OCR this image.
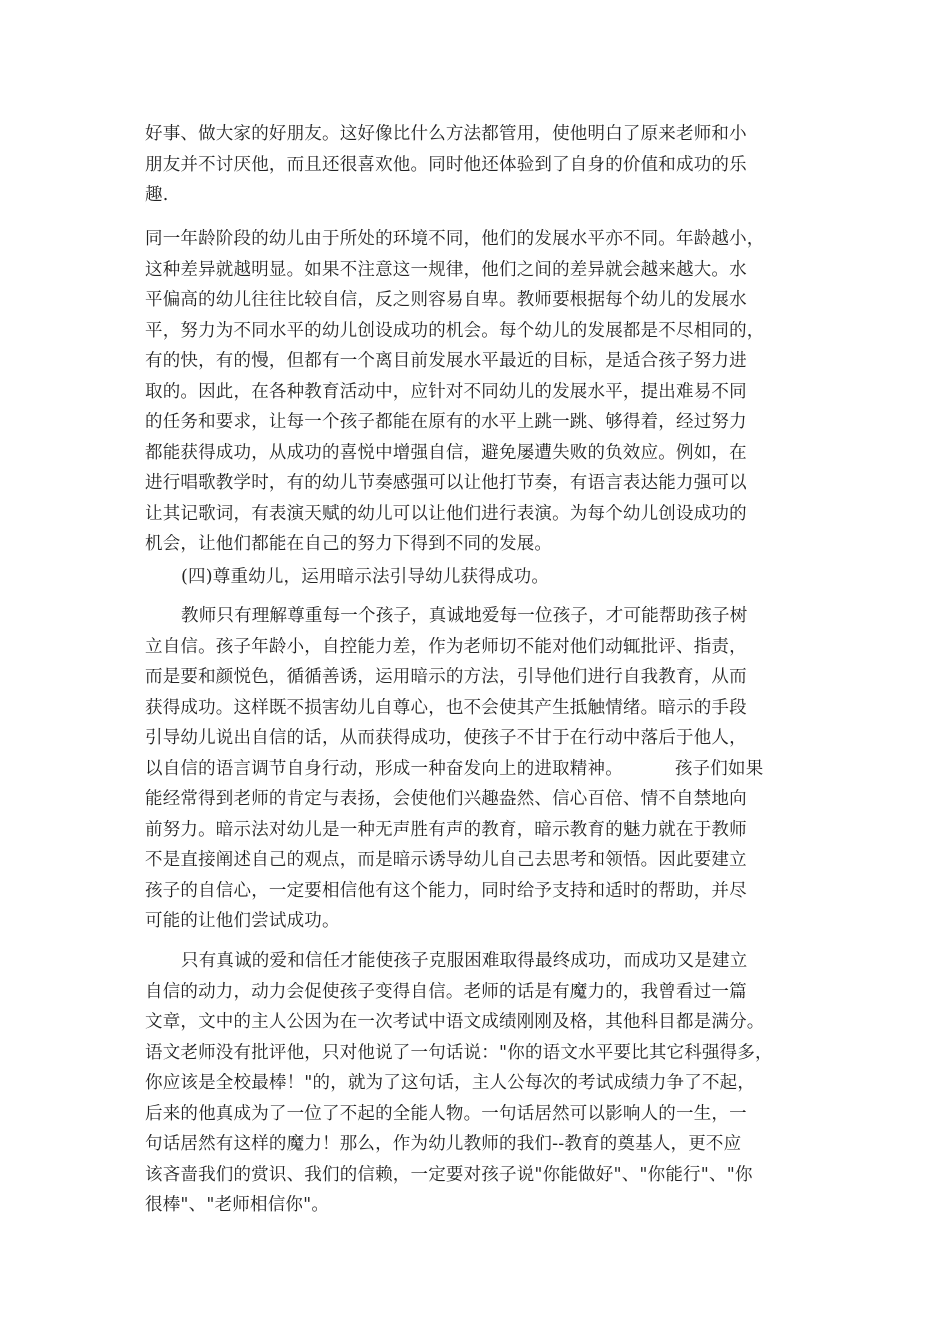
好事、做大家的好朋友。这好像比什么方法都管用，使他明白了原来老师和小
朋友并不讨厌他，而且还很喜欢他。同时他还体验到了自身的价值和成功的乐
趣.
同一年龄阶段的幼儿由于所处的环境不同，他们的发展水平亦不同。年龄越小，
这种差异就越明显。如果不注意这一规律，他们之间的差异就会越来越大。水
平偏高的幼儿往往比较自信，反之则容易自卑。教师要根据每个幼儿的发展水
平，努力为不同水平的幼儿创设成功的机会。每个幼儿的发展都是不尽相同的，
有的快，有的慢，但都有一个离目前发展水平最近的目标，是适合孩子努力进
取的。因此，在各种教育活动中，应针对不同幼儿的发展水平，提出难易不同
的任务和要求，让每一个孩子都能在原有的水平上跳一跳、够得着，经过努力
都能获得成功，从成功的喜悦中增强自信，避免屡遭失败的负效应。例如，在
进行唱歌教学时，有的幼儿节奏感强可以让他打节奏，有语言表达能力强可以
让其记歌词，有表演天赋的幼儿可以让他们进行表演。为每个幼儿创设成功的
机会，让他们都能在自己的努力下得到不同的发展。
(四)尊重幼儿，运用暗示法引导幼儿获得成功。
教师只有理解尊重每一个孩子，真诚地爱每一位孩子，才可能帮助孩子树
立自信。孩子年龄小，自控能力差，作为老师切不能对他们动辄批评、指责，
而是要和颜悦色，循循善诱，运用暗示的方法，引导他们进行自我教育，从而
获得成功。这样既不损害幼儿自尊心，也不会使其产生抵触情绪。暗示的手段
引导幼儿说出自信的话，从而获得成功，使孩子不甘于在行动中落后于他人，
以自信的语言调节自身行动，形成一种奋发向上的进取精神。	孩子们如果
能经常得到老师的肯定与表扬，会使他们兴趣盎然、信心百倍、情不自禁地向
前努力。暗示法对幼儿是一种无声胜有声的教育，暗示教育的魅力就在于教师
不是直接阐述自己的观点，而是暗示诱导幼儿自己去思考和领悟。因此要建立
孩子的自信心，一定要相信他有这个能力，同时给予支持和适时的帮助，并尽
可能的让他们尝试成功。
只有真诚的爱和信任才能使孩子克服困难取得最终成功，而成功又是建立
自信的动力，动力会促使孩子变得自信。老师的话是有魔力的，我曾看过一篇
文章，文中的主人公因为在一次考试中语文成绩刚刚及格，其他科目都是满分。
语文老师没有批评他，只对他说了一句话说："你的语文水平要比其它科强得多，
你应该是全校最棒！"的，就为了这句话，主人公每次的考试成绩力争了不起，
后来的他真成为了一位了不起的全能人物。一句话居然可以影响人的一生，一
句话居然有这样的魔力！那么，作为幼儿教师的我们--教育的奠基人，更不应
该吝啬我们的赏识、我们的信赖，一定要对孩子说"你能做好"、"你能行"、"你
很棒"、"老师相信你"。
